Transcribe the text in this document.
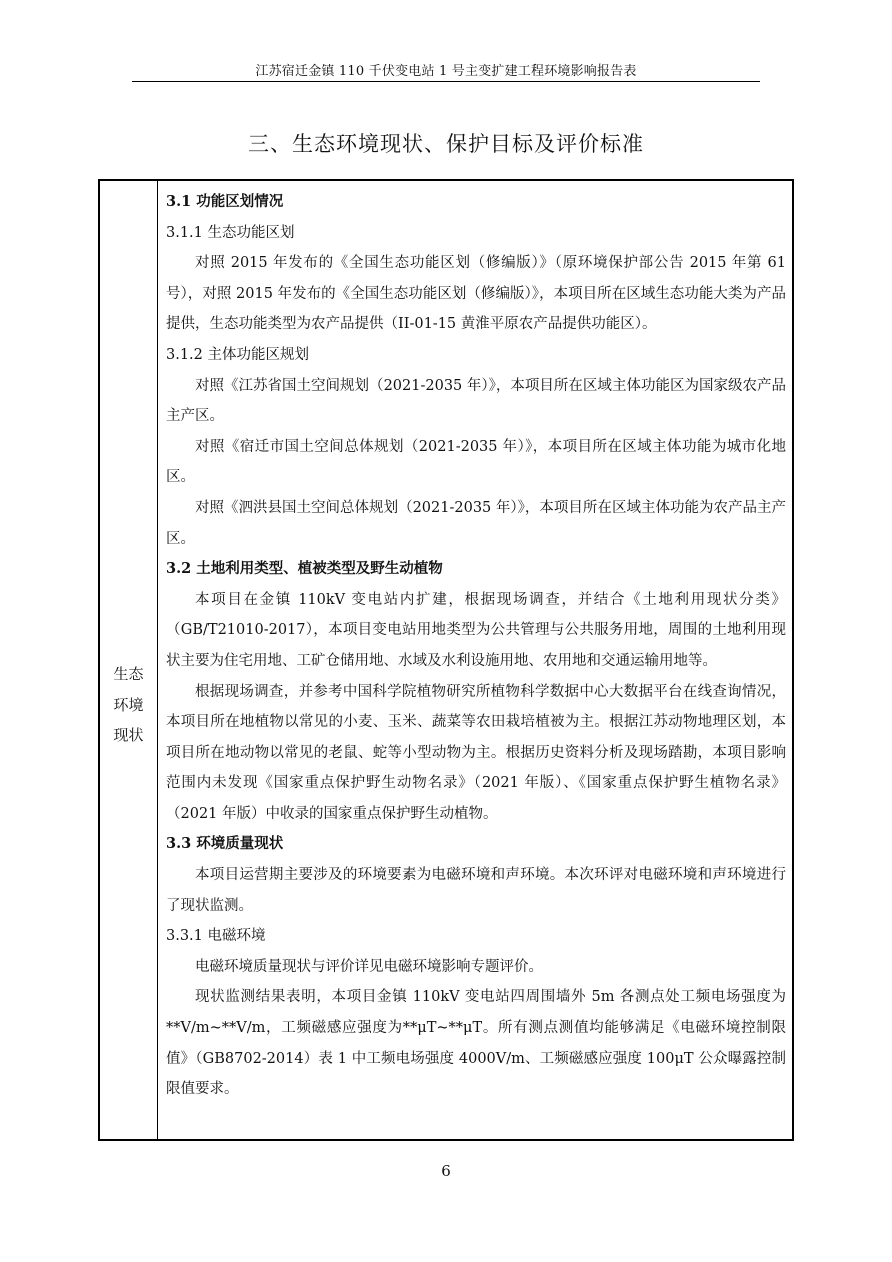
江苏宿迁金镇 110 千伏变电站 1 号主变扩建工程环境影响报告表
三、生态环境现状、保护目标及评价标准
生态
环境
现状

3.1 功能区划情况

3.1.1 生态功能区划

对照 2015 年发布的《全国生态功能区划（修编版）》（原环境保护部公告 2015 年第 61 号），对照 2015 年发布的《全国生态功能区划（修编版）》，本项目所在区域生态功能大类为产品提供，生态功能类型为农产品提供（II-01-15 黄淮平原农产品提供功能区）。

3.1.2 主体功能区规划

对照《江苏省国土空间规划（2021-2035 年）》，本项目所在区域主体功能区为国家级农产品主产区。

对照《宿迁市国土空间总体规划（2021-2035 年）》，本项目所在区域主体功能为城市化地区。

对照《泗洪县国土空间总体规划（2021-2035 年）》，本项目所在区域主体功能为农产品主产区。

3.2 土地利用类型、植被类型及野生动植物

本项目在金镇 110kV 变电站内扩建，根据现场调查，并结合《土地利用现状分类》（GB/T21010-2017），本项目变电站用地类型为公共管理与公共服务用地，周围的土地利用现状主要为住宅用地、工矿仓储用地、水域及水利设施用地、农用地和交通运输用地等。

根据现场调查，并参考中国科学院植物研究所植物科学数据中心大数据平台在线查询情况，本项目所在地植物以常见的小麦、玉米、蔬菜等农田栽培植被为主。根据江苏动物地理区划，本项目所在地动物以常见的老鼠、蛇等小型动物为主。根据历史资料分析及现场踏勘，本项目影响范围内未发现《国家重点保护野生动物名录》（2021 年版）、《国家重点保护野生植物名录》（2021 年版）中收录的国家重点保护野生动植物。

3.3 环境质量现状

本项目运营期主要涉及的环境要素为电磁环境和声环境。本次环评对电磁环境和声环境进行了现状监测。

3.3.1 电磁环境

电磁环境质量现状与评价详见电磁环境影响专题评价。

现状监测结果表明，本项目金镇 110kV 变电站四周围墙外 5m 各测点处工频电场强度为**V/m~**V/m，工频磁感应强度为**μT~**μT。所有测点测值均能够满足《电磁环境控制限值》（GB8702-2014）表 1 中工频电场强度 4000V/m、工频磁感应强度 100μT 公众曝露控制限值要求。

6
